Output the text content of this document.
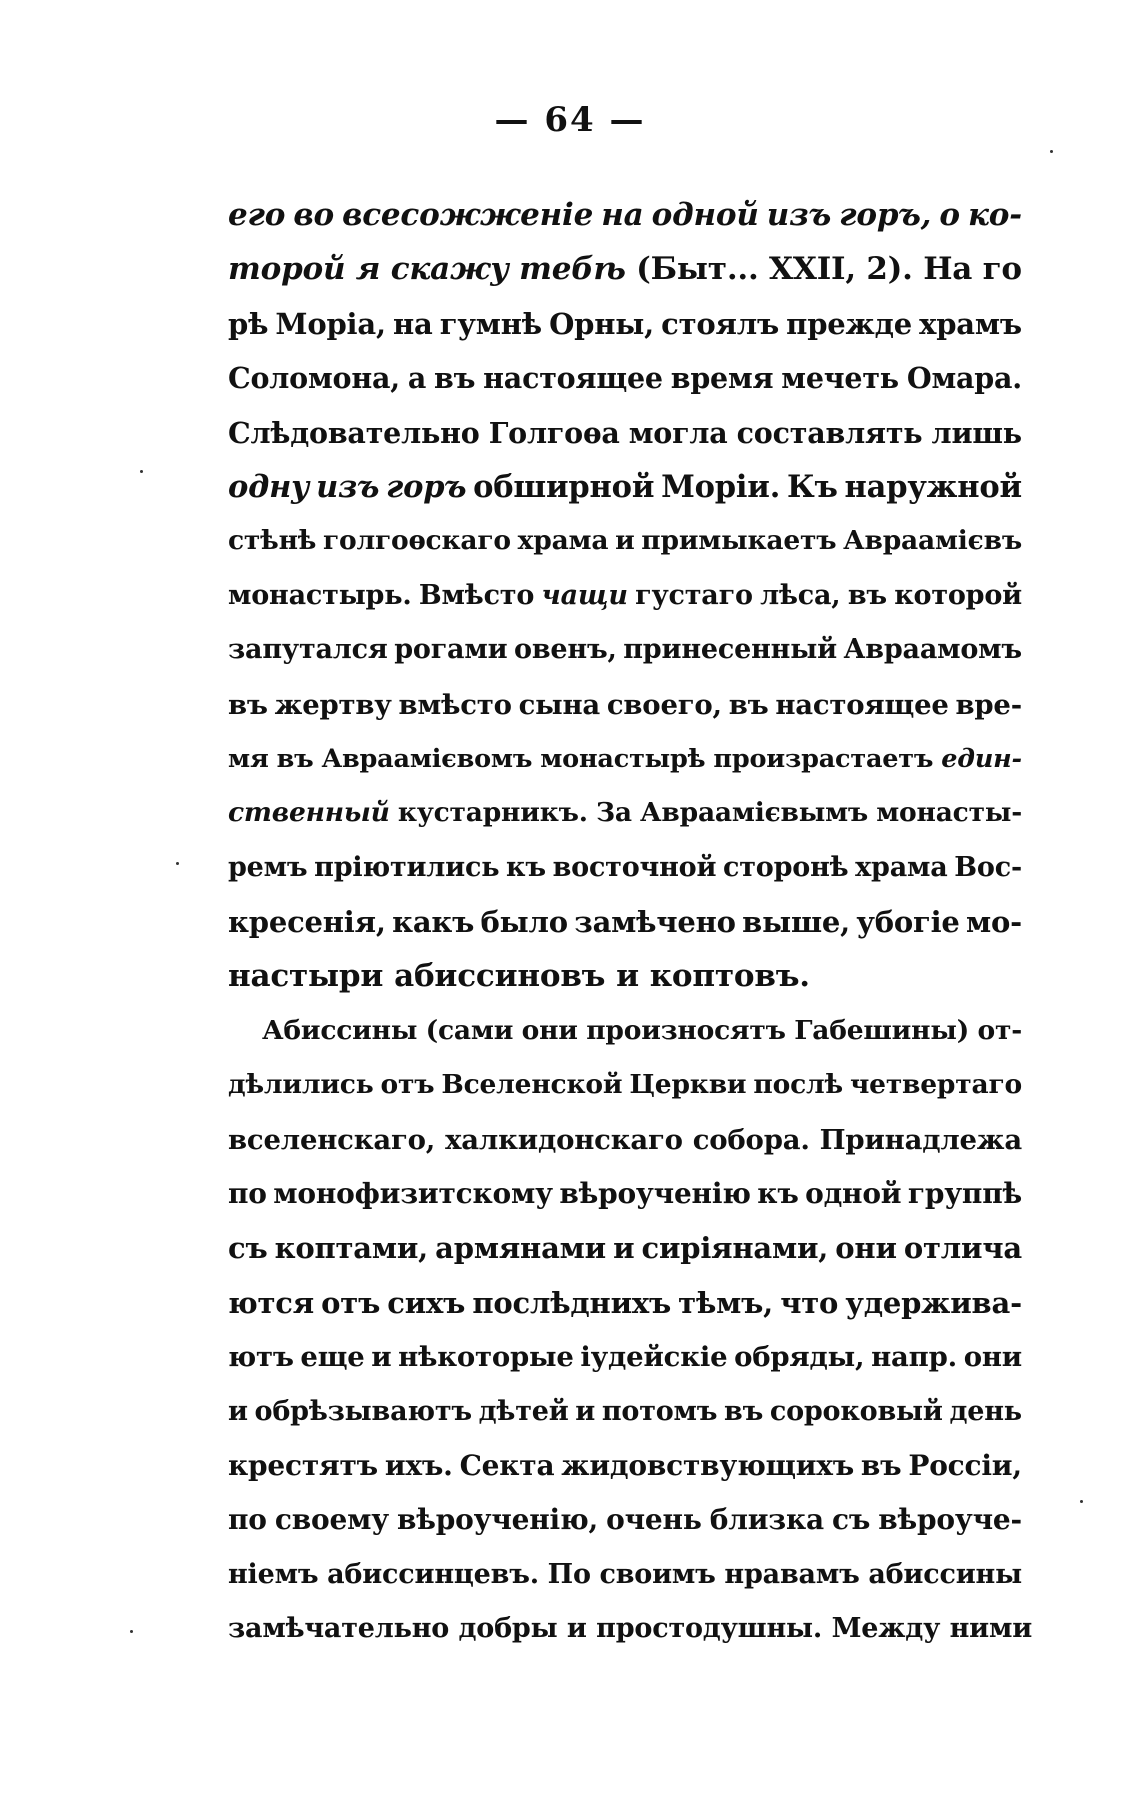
— 64 —
его во всесожженіе на одной изъ горъ, о ко-
торой я скажу тебѣ (Быт... XXII, 2). На го
рѣ Моріа, на гумнѣ Орны, стоялъ прежде храмъ
Соломона, а въ настоящее время мечеть Омара.
Слѣдовательно Голгоѳа могла составлять лишь
одну изъ горъ обширной Моріи. Къ наружной
стѣнѣ голгоѳскаго храма и примыкаетъ Авраамієвъ
монастырь. Вмѣсто чащи густаго лѣса, въ которой
запутался рогами овенъ, принесенный Авраамомъ
въ жертву вмѣсто сына своего, въ настоящее вре-
мя въ Авраамієвомъ монастырѣ произрастаетъ един-
ственный кустарникъ. За Авраамієвымъ монасты-
ремъ пріютились къ восточной сторонѣ храма Вос-
кресенія, какъ было замѣчено выше, убогіе мо-
настыри абиссиновъ и коптовъ.
Абиссины (сами они произносятъ Габешины) от-
дѣлились отъ Вселенской Церкви послѣ четвертаго
вселенскаго, халкидонскаго собора. Принадлежа
по монофизитскому вѣроученію къ одной группѣ
съ коптами, армянами и сиріянами, они отлича
ются отъ сихъ послѣднихъ тѣмъ, что удерживa-
ютъ еще и нѣкоторые іудейскіе обряды, напр. они
и обрѣзываютъ дѣтей и потомъ въ сороковый день
крестятъ ихъ. Секта жидовствующихъ въ Россіи,
по своему вѣроученію, очень близка съ вѣроуче-
ніемъ абиссинцевъ. По своимъ нравамъ абиссины
замѣчательно добры и простодушны. Между ними
